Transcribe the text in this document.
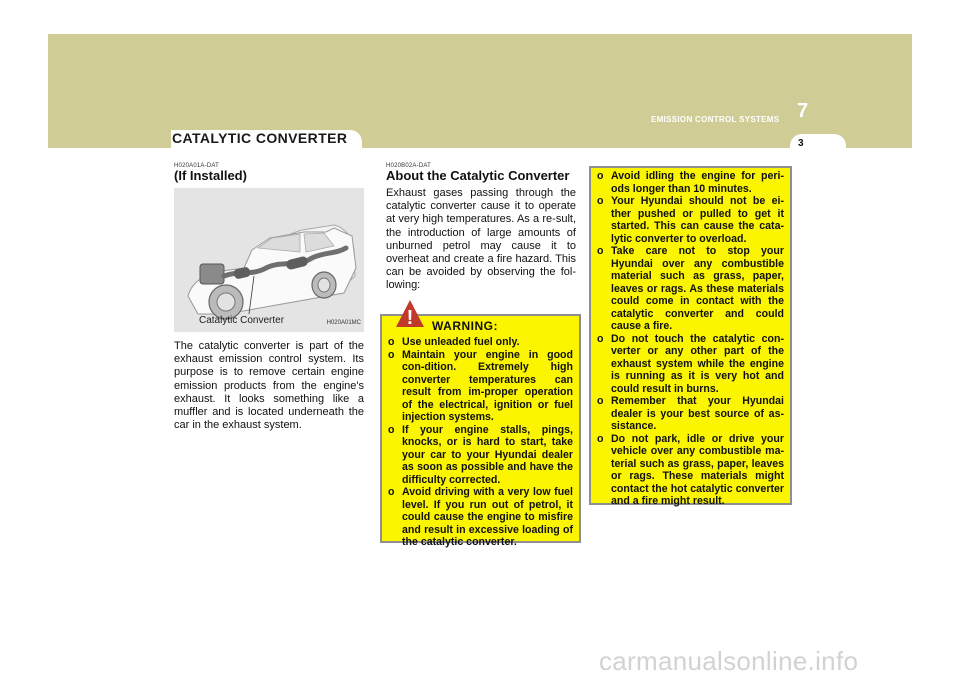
7
EMISSION CONTROL SYSTEMS
3
CATALYTIC CONVERTER
H020A01A-DAT
(If Installed)
Catalytic Converter	H020A01MC

The catalytic converter is part of the exhaust emission control system. Its purpose is to remove certain engine emission products from the engine's exhaust. It looks something like a muffler and is located underneath the car in the exhaust system.

H020B02A-DAT
About the Catalytic Converter

Exhaust gases passing through the catalytic converter cause it to operate at very high temperatures. As a re-sult, the introduction of large amounts of unburned petrol may cause it to overheat and create a fire hazard. This can be avoided by observing the fol-lowing:

o Use unleaded fuel only.
o Maintain your engine in good con-dition. Extremely high converter temperatures can result from im-proper operation of the electrical, ignition or fuel injection systems.
o If your engine stalls, pings, knocks, or is hard to start, take your car to your Hyundai dealer as soon as possible and have the difficulty corrected.
o Avoid driving with a very low fuel level. If you run out of petrol, it could cause the engine to misfire and result in excessive loading of the catalytic converter.
! WARNING:
o Avoid idling the engine for peri-ods longer than 10 minutes.
o Your Hyundai should not be ei-ther pushed or pulled to get it started. This can cause the cata-lytic converter to overload.
o Take care not to stop your Hyundai over any combustible material such as grass, paper, leaves or rags. As these materials could come in contact with the catalytic converter and could cause a fire.
o Do not touch the catalytic con-verter or any other part of the exhaust system while the engine is running as it is very hot and could result in burns.
o Remember that your Hyundai dealer is your best source of as-sistance.
o Do not park, idle or drive your vehicle over any combustible ma-terial such as grass, paper, leaves or rags. These materials might contact the hot catalytic converter and a fire might result.
carmanualsonline.info
